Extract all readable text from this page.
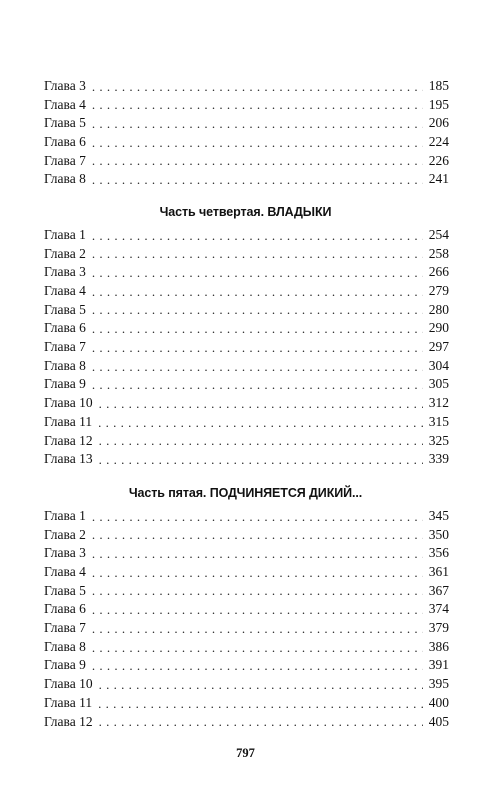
Глава 3 . . .	185
Глава 4 . . .	195
Глава 5 . . .	206
Глава 6 . . .	224
Глава 7 . . .	226
Глава 8 . . .	241
Часть четвертая. ВЛАДЫКИ
Глава 1 . . .	254
Глава 2 . . .	258
Глава 3 . . .	266
Глава 4 . . .	279
Глава 5 . . .	280
Глава 6 . . .	290
Глава 7 . . .	297
Глава 8 . . .	304
Глава 9 . . .	305
Глава 10 . . .	312
Глава 11 . . .	315
Глава 12 . . .	325
Глава 13 . . .	339
Часть пятая. ПОДЧИНЯЕТСЯ ДИКИЙ...
Глава 1 . . .	345
Глава 2 . . .	350
Глава 3 . . .	356
Глава 4 . . .	361
Глава 5 . . .	367
Глава 6 . . .	374
Глава 7 . . .	379
Глава 8 . . .	386
Глава 9 . . .	391
Глава 10 . . .	395
Глава 11 . . .	400
Глава 12 . . .	405
797
